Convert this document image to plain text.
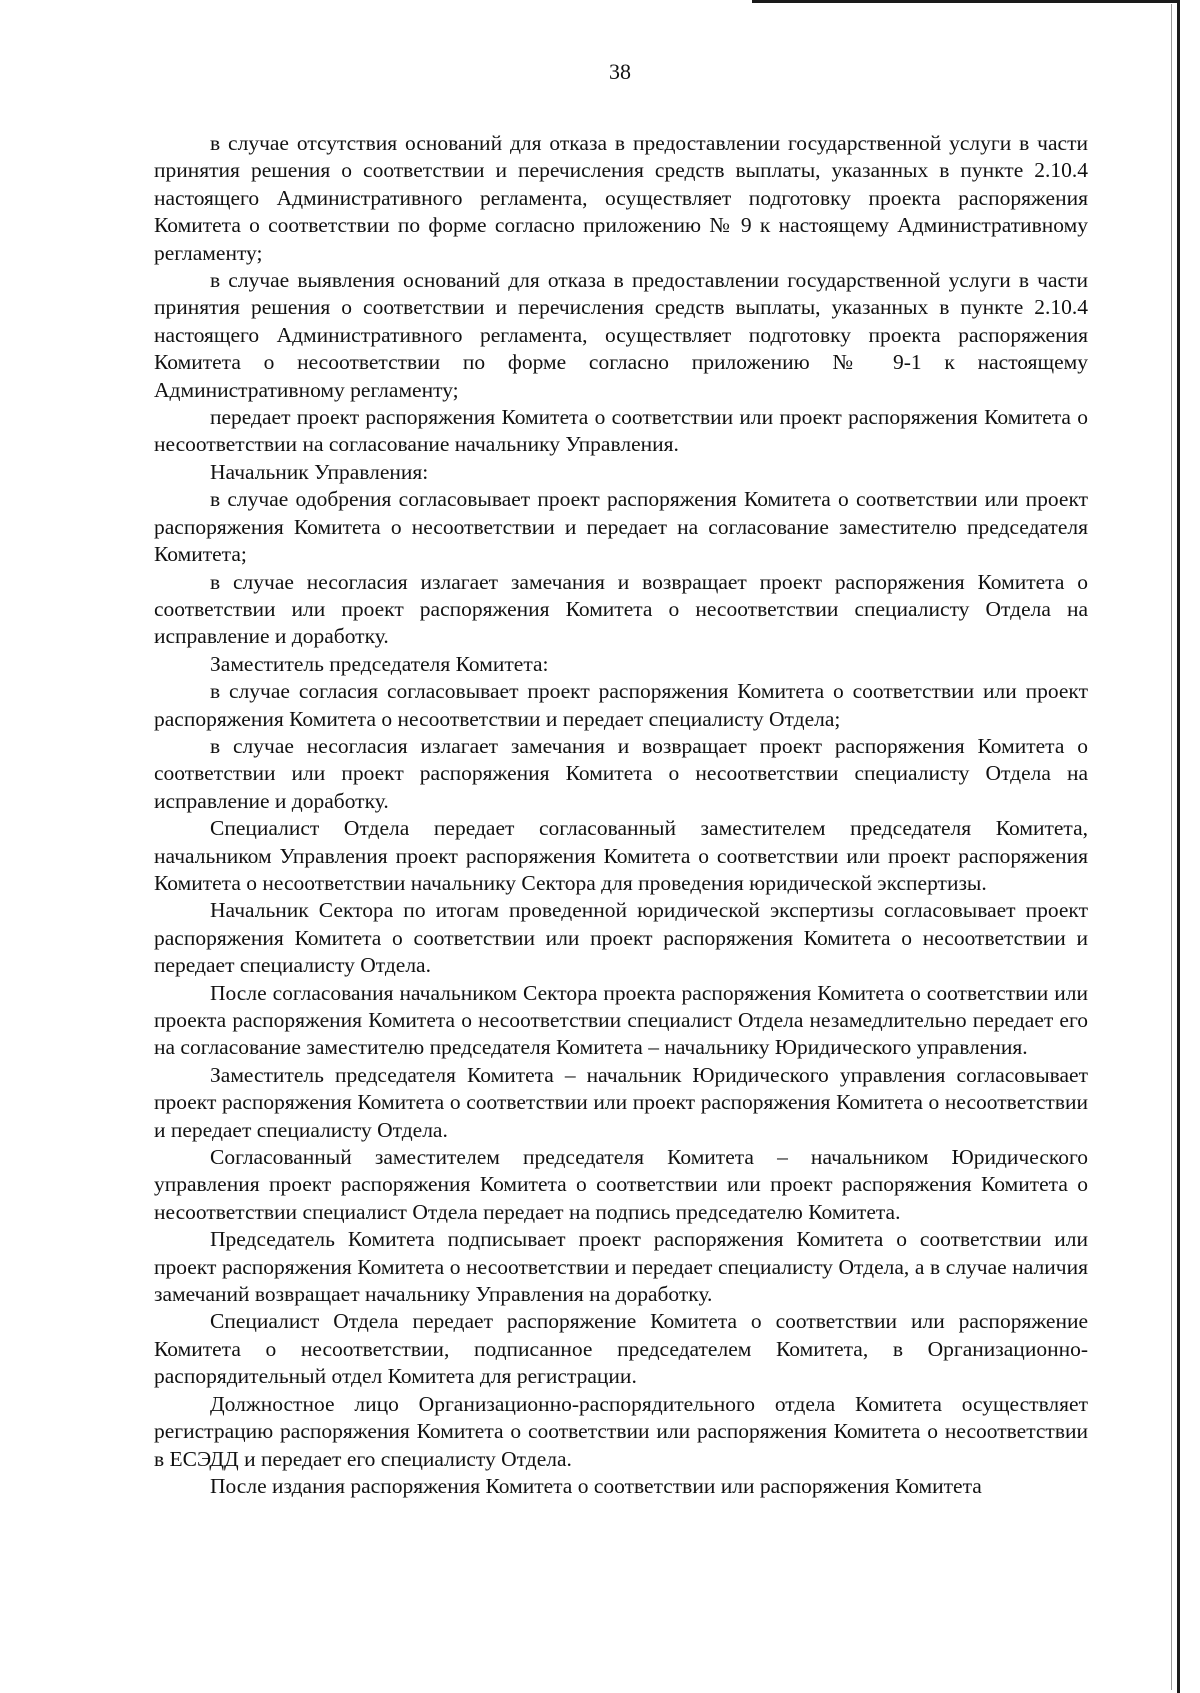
38

в случае отсутствия оснований для отказа в предоставлении государственной услуги в части принятия решения о соответствии и перечисления средств выплаты, указанных в пункте 2.10.4 настоящего Административного регламента, осуществляет подготовку проекта распоряжения Комитета о соответствии по форме согласно приложению № 9 к настоящему Административному регламенту;

в случае выявления оснований для отказа в предоставлении государственной услуги в части принятия решения о соответствии и перечисления средств выплаты, указанных в пункте 2.10.4 настоящего Административного регламента, осуществляет подготовку проекта распоряжения Комитета о несоответствии по форме согласно приложению № 9-1 к настоящему Административному регламенту;

передает проект распоряжения Комитета о соответствии или проект распоряжения Комитета о несоответствии на согласование начальнику Управления.

Начальник Управления:

в случае одобрения согласовывает проект распоряжения Комитета о соответствии или проект распоряжения Комитета о несоответствии и передает на согласование заместителю председателя Комитета;

в случае несогласия излагает замечания и возвращает проект распоряжения Комитета о соответствии или проект распоряжения Комитета о несоответствии специалисту Отдела на исправление и доработку.

Заместитель председателя Комитета:

в случае согласия согласовывает проект распоряжения Комитета о соответствии или проект распоряжения Комитета о несоответствии и передает специалисту Отдела;

в случае несогласия излагает замечания и возвращает проект распоряжения Комитета о соответствии или проект распоряжения Комитета о несоответствии специалисту Отдела на исправление и доработку.

Специалист Отдела передает согласованный заместителем председателя Комитета, начальником Управления проект распоряжения Комитета о соответствии или проект распоряжения Комитета о несоответствии начальнику Сектора для проведения юридической экспертизы.

Начальник Сектора по итогам проведенной юридической экспертизы согласовывает проект распоряжения Комитета о соответствии или проект распоряжения Комитета о несоответствии и передает специалисту Отдела.

После согласования начальником Сектора проекта распоряжения Комитета о соответствии или проекта распоряжения Комитета о несоответствии специалист Отдела незамедлительно передает его на согласование заместителю председателя Комитета – начальнику Юридического управления.

Заместитель председателя Комитета – начальник Юридического управления согласовывает проект распоряжения Комитета о соответствии или проект распоряжения Комитета о несоответствии и передает специалисту Отдела.

Согласованный заместителем председателя Комитета – начальником Юридического управления проект распоряжения Комитета о соответствии или проект распоряжения Комитета о несоответствии специалист Отдела передает на подпись председателю Комитета.

Председатель Комитета подписывает проект распоряжения Комитета о соответствии или проект распоряжения Комитета о несоответствии и передает специалисту Отдела, а в случае наличия замечаний возвращает начальнику Управления на доработку.

Специалист Отдела передает распоряжение Комитета о соответствии или распоряжение Комитета о несоответствии, подписанное председателем Комитета, в Организационно-распорядительный отдел Комитета для регистрации.

Должностное лицо Организационно-распорядительного отдела Комитета осуществляет регистрацию распоряжения Комитета о соответствии или распоряжения Комитета о несоответствии в ЕСЭДД и передает его специалисту Отдела.

После издания распоряжения Комитета о соответствии или распоряжения Комитета
